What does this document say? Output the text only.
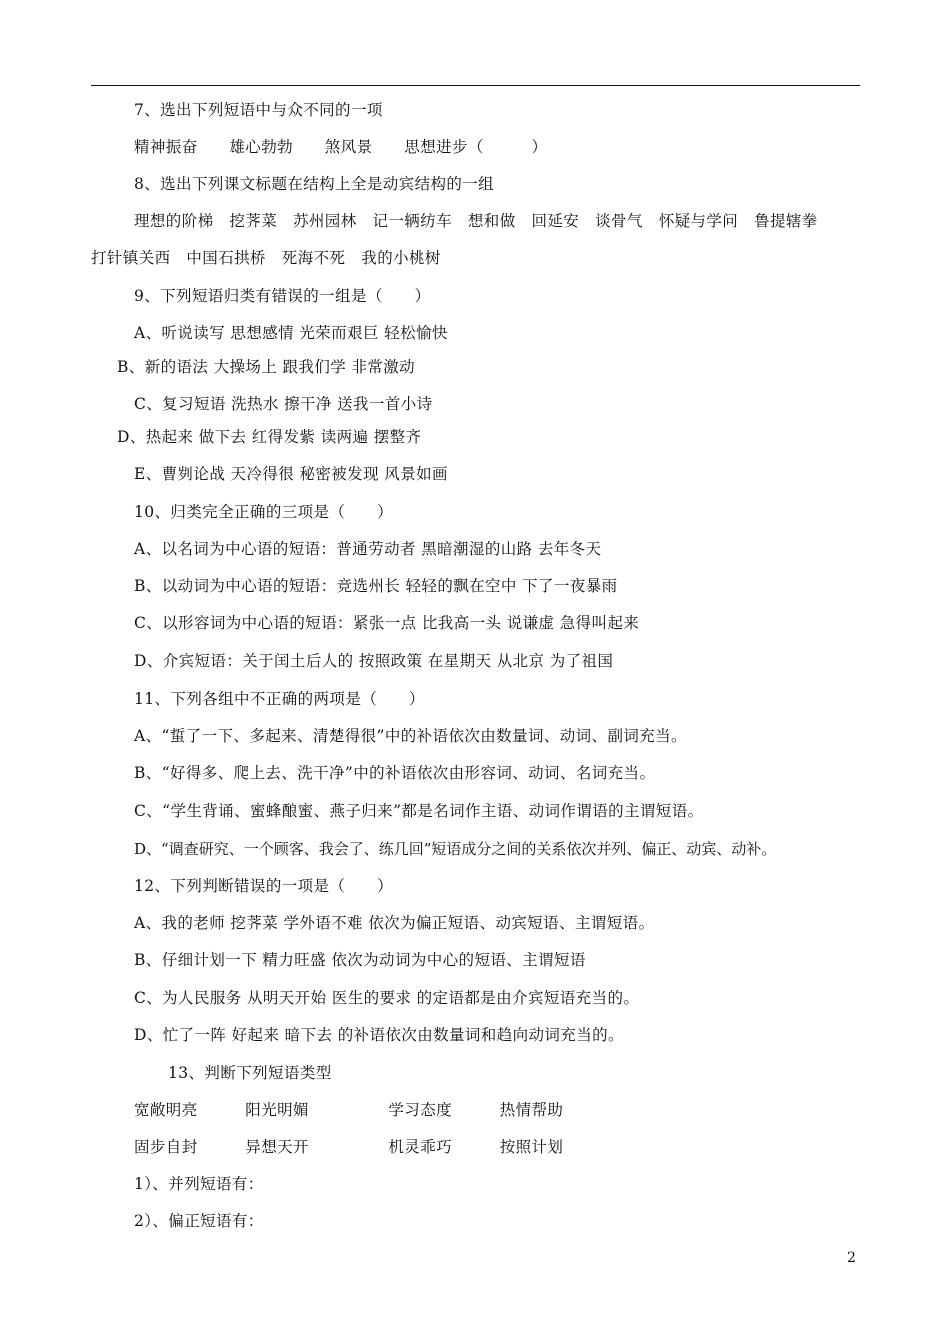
7、选出下列短语中与众不同的一项
精神振奋　　雄心勃勃　　煞风景　　思想进步（　　　）
8、选出下列课文标题在结构上全是动宾结构的一组
理想的阶梯　挖荠菜　苏州园林　记一辆纺车　想和做　回延安　谈骨气　怀疑与学问　鲁提辖拳
打针镇关西　中国石拱桥　死海不死　我的小桃树
9、下列短语归类有错误的一组是（　　）
A、听说读写 思想感情 光荣而艰巨 轻松愉快
B、新的语法 大操场上 跟我们学 非常激动
C、复习短语 洗热水 擦干净 送我一首小诗
D、热起来 做下去 红得发紫 读两遍 摆整齐
E、曹刿论战 天冷得很 秘密被发现 风景如画
10、归类完全正确的三项是（　　）
A、以名词为中心语的短语：普通劳动者 黑暗潮湿的山路 去年冬天
B、以动词为中心语的短语：竞选州长 轻轻的飘在空中 下了一夜暴雨
C、以形容词为中心语的短语：紧张一点 比我高一头 说谦虚 急得叫起来
D、介宾短语：关于闰土后人的 按照政策 在星期天 从北京 为了祖国
11、下列各组中不正确的两项是（　　）
A、“蜇了一下、多起来、清楚得很”中的补语依次由数量词、动词、副词充当。
B、“好得多、爬上去、洗干净”中的补语依次由形容词、动词、名词充当。
C、“学生背诵、蜜蜂酿蜜、燕子归来”都是名词作主语、动词作谓语的主谓短语。
D、“调查研究、一个顾客、我会了、练几回”短语成分之间的关系依次并列、偏正、动宾、动补。
12、下列判断错误的一项是（　　）
A、我的老师 挖荠菜 学外语不难 依次为偏正短语、动宾短语、主谓短语。
B、仔细计划一下 精力旺盛 依次为动词为中心的短语、主谓短语
C、为人民服务 从明天开始 医生的要求 的定语都是由介宾短语充当的。
D、忙了一阵 好起来 暗下去 的补语依次由数量词和趋向动词充当的。
13、判断下列短语类型
宽敞明亮　　　阳光明媚　　　　　学习态度　　　热情帮助
固步自封　　　异想天开　　　　　机灵乖巧　　　按照计划
1）、并列短语有：
2）、偏正短语有：
2
